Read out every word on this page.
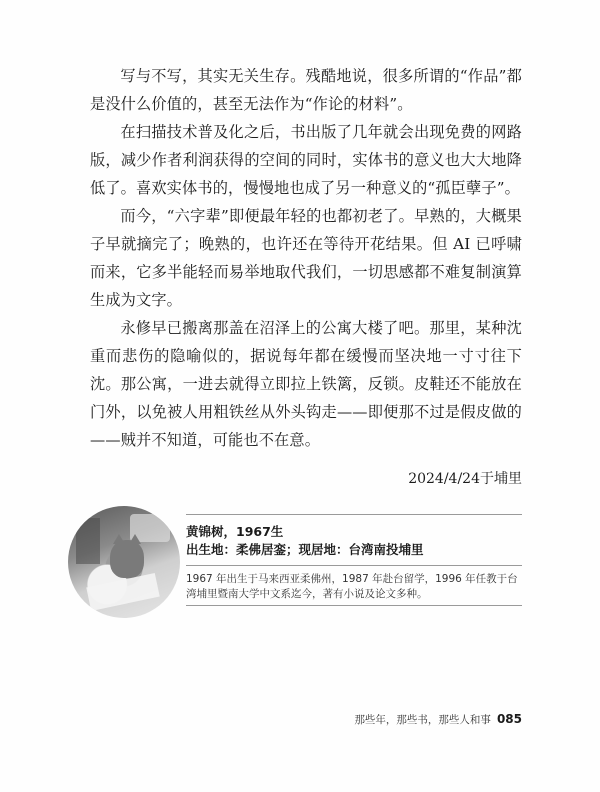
写与不写，其实无关生存。残酷地说，很多所谓的“作品”都是没什么价值的，甚至无法作为“作论的材料”。

在扫描技术普及化之后，书出版了几年就会出现免费的网路版，减少作者利润获得的空间的同时，实体书的意义也大大地降低了。喜欢实体书的，慢慢地也成了另一种意义的“孤臣孽子”。

而今，“六字辈”即便最年轻的也都初老了。早熟的，大概果子早就摘完了；晚熟的，也许还在等待开花结果。但 AI 已呼啸而来，它多半能轻而易举地取代我们，一切思感都不难复制演算生成为文字。

永修早已搬离那盖在沼泽上的公寓大楼了吧。那里，某种沈重而悲伤的隐喻似的，据说每年都在缓慢而坚决地一寸寸往下沈。那公寓，一进去就得立即拉上铁篱，反锁。皮鞋还不能放在门外，以免被人用粗铁丝从外头钩走——即便那不过是假皮做的——贼并不知道，可能也不在意。

2024/4/24于埔里
黄锦树，1967生
出生地：柔佛居銮；现居地：台湾南投埔里
1967 年出生于马来西亚柔佛州，1987 年赴台留学，1996 年任教于台湾埔里暨南大学中文系迄今，著有小说及论文多种。
那些年，那些书，那些人和事 085
